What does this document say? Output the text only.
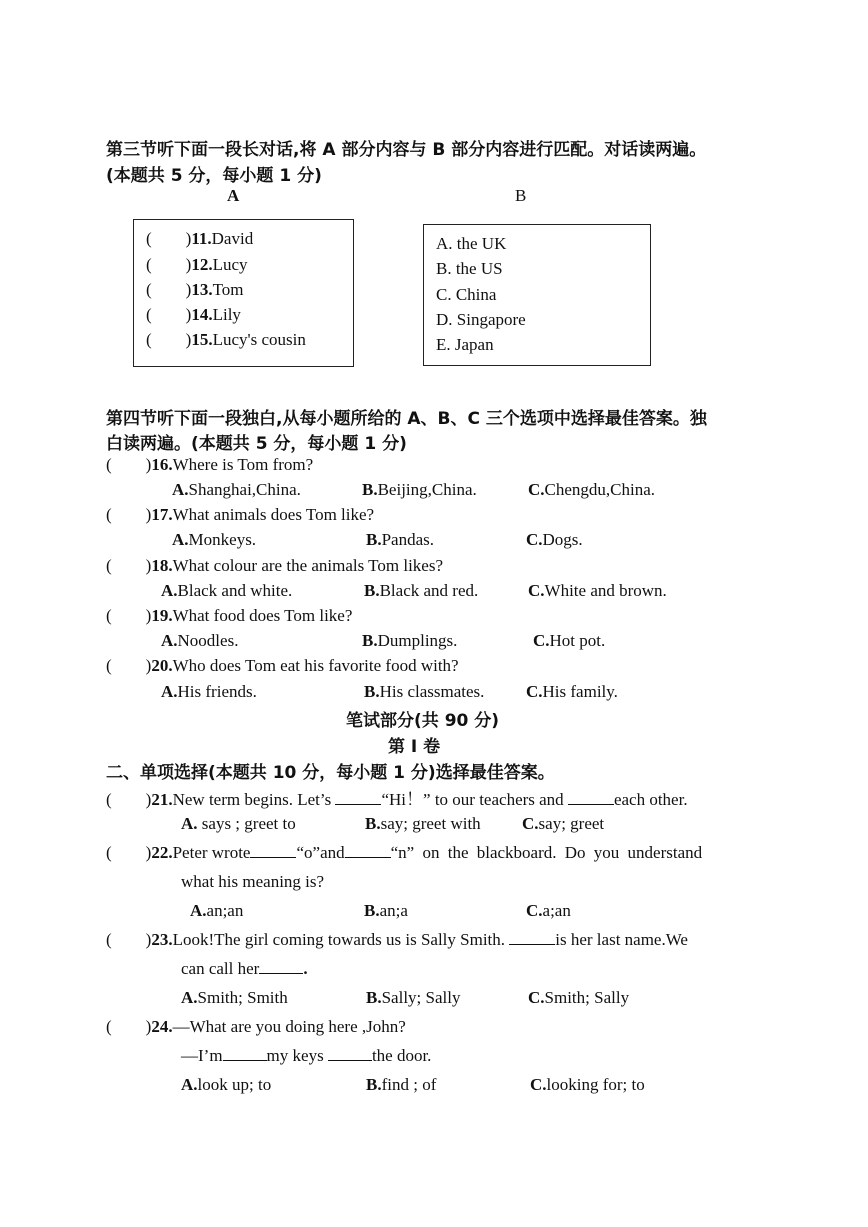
第三节听下面一段长对话,将 A 部分内容与 B 部分内容进行匹配。对话读两遍。
(本题共 5 分，每小题 1 分)
A	B
( )11.David
( )12.Lucy
( )13.Tom
( )14.Lily
( )15.Lucy's cousin
A. the UK
B. the US
C. China
D. Singapore
E. Japan
第四节听下面一段独白,从每小题所给的 A、B、C 三个选项中选择最佳答案。独
白读两遍。(本题共 5 分，每小题 1 分)
( )16.Where is Tom from?
A.Shanghai,China.	B.Beijing,China.	C.Chengdu,China.
( )17.What animals does Tom like?
A.Monkeys.	B.Pandas.	C.Dogs.
( )18.What colour are the animals Tom likes?
A.Black and white.	B.Black and red.	C.White and brown.
( )19.What food does Tom like?
A.Noodles.	B.Dumplings.	C.Hot pot.
( )20.Who does Tom eat his favorite food with?
A.His friends.	B.His classmates. C.His family.
笔试部分(共 90 分)
第 I 卷
二、单项选择(本题共 10 分，每小题 1 分)选择最佳答案。
( )21.New term begins. Let’s	“Hi！” to our teachers and	each other.
A. says ; greet to	B.say; greet with C.say; greet
( )22.Peter wrote	“o”and	“n” on the blackboard. Do you understand
what his meaning is?
A.an;an	B.an;a	C.a;an
( )23.Look!The girl coming towards us is Sally Smith.	is her last name.We
can call her	.
A.Smith; Smith	B.Sally; Sally	C.Smith; Sally
( )24.—What are you doing here ,John?
—I’m	my keys	the door.
A.look up; to	B.find ; of	C.looking for; to
